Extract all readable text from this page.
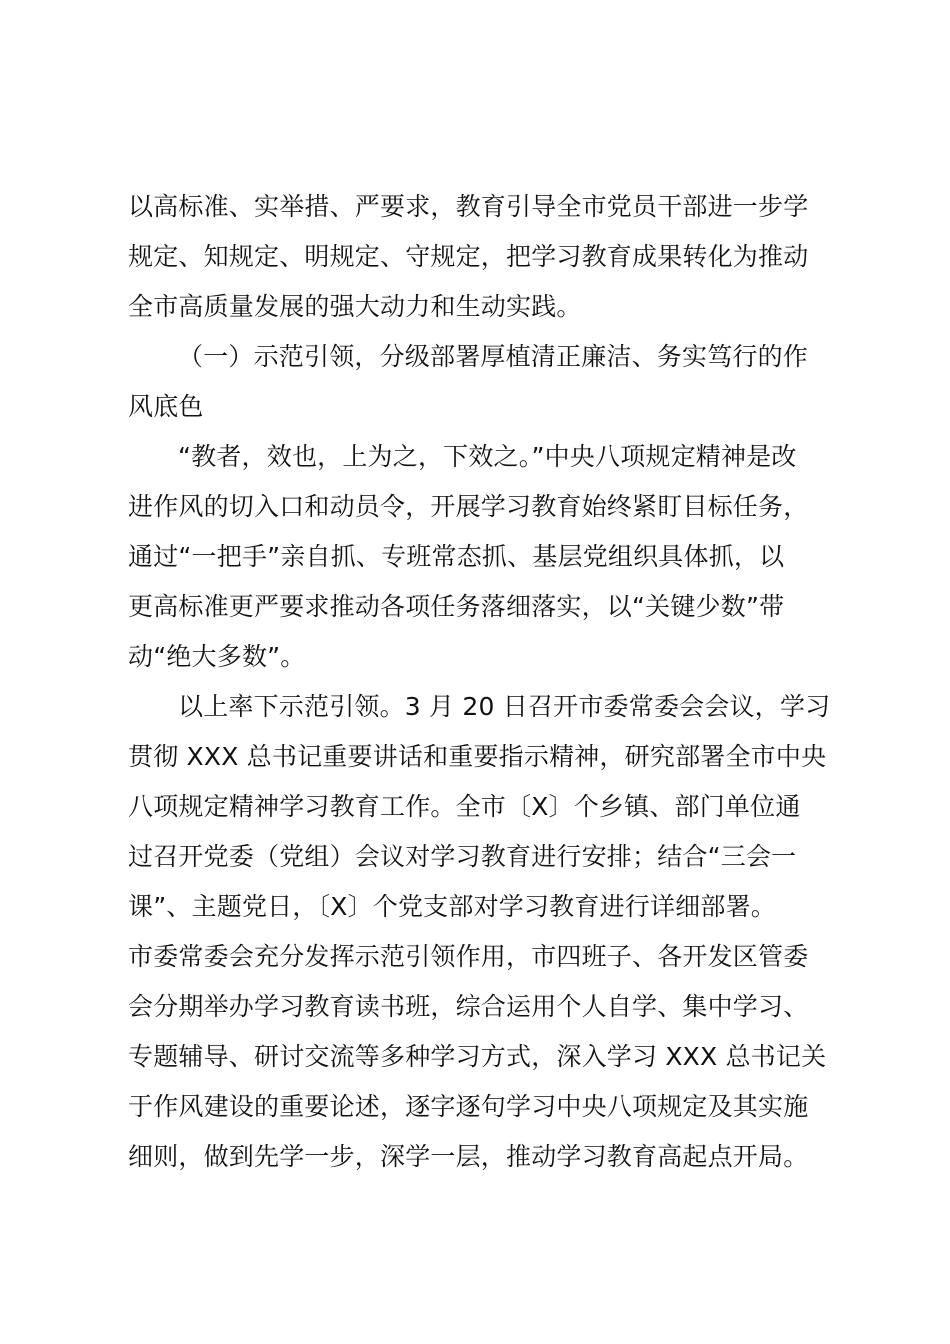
以高标准、实举措、严要求，教育引导全市党员干部进一步学
规定、知规定、明规定、守规定，把学习教育成果转化为推动
全市高质量发展的强大动力和生动实践。
（一）示范引领，分级部署厚植清正廉洁、务实笃行的作
风底色
“教者，效也，上为之，下效之。”中央八项规定精神是改
进作风的切入口和动员令，开展学习教育始终紧盯目标任务，
通过“一把手”亲自抓、专班常态抓、基层党组织具体抓，以
更高标准更严要求推动各项任务落细落实，以“关键少数”带
动“绝大多数”。
以上率下示范引领。3 月 20 日召开市委常委会会议，学习
贯彻 XXX 总书记重要讲话和重要指示精神，研究部署全市中央
八项规定精神学习教育工作。全市〔X〕个乡镇、部门单位通
过召开党委（党组）会议对学习教育进行安排；结合“三会一
课”、主题党日，〔X〕个党支部对学习教育进行详细部署。
市委常委会充分发挥示范引领作用，市四班子、各开发区管委
会分期举办学习教育读书班，综合运用个人自学、集中学习、
专题辅导、研讨交流等多种学习方式，深入学习 XXX 总书记关
于作风建设的重要论述，逐字逐句学习中央八项规定及其实施
细则，做到先学一步，深学一层，推动学习教育高起点开局。
